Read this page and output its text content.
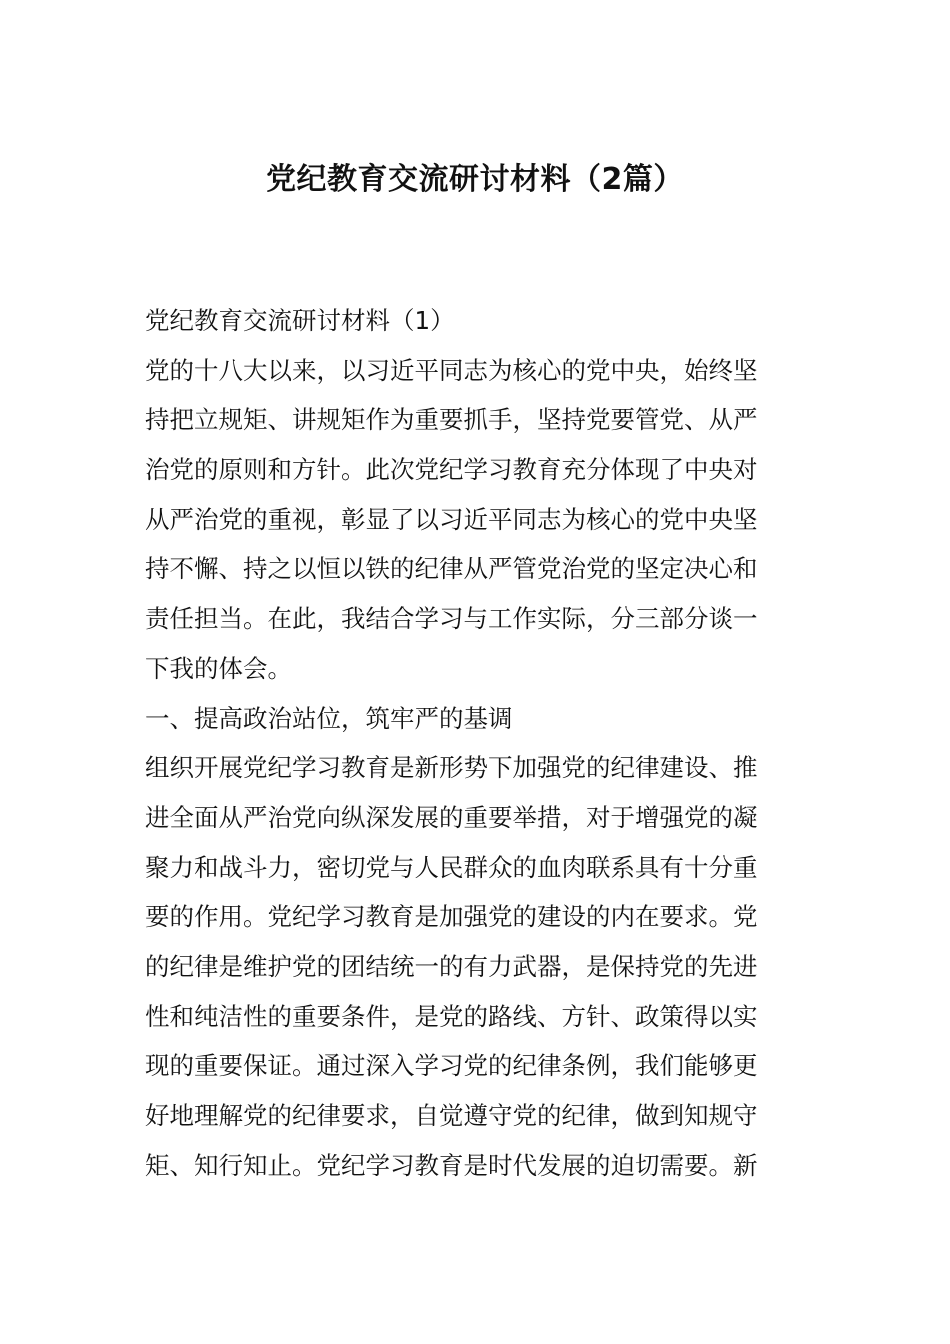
党纪教育交流研讨材料（2篇）
党纪教育交流研讨材料（1）
党的十八大以来，以习近平同志为核心的党中央，始终坚
持把立规矩、讲规矩作为重要抓手，坚持党要管党、从严
治党的原则和方针。此次党纪学习教育充分体现了中央对
从严治党的重视，彰显了以习近平同志为核心的党中央坚
持不懈、持之以恒以铁的纪律从严管党治党的坚定决心和
责任担当。在此，我结合学习与工作实际，分三部分谈一
下我的体会。
一、提高政治站位，筑牢严的基调
组织开展党纪学习教育是新形势下加强党的纪律建设、推
进全面从严治党向纵深发展的重要举措，对于增强党的凝
聚力和战斗力，密切党与人民群众的血肉联系具有十分重
要的作用。党纪学习教育是加强党的建设的内在要求。党
的纪律是维护党的团结统一的有力武器，是保持党的先进
性和纯洁性的重要条件，是党的路线、方针、政策得以实
现的重要保证。通过深入学习党的纪律条例，我们能够更
好地理解党的纪律要求，自觉遵守党的纪律，做到知规守
矩、知行知止。党纪学习教育是时代发展的迫切需要。新
